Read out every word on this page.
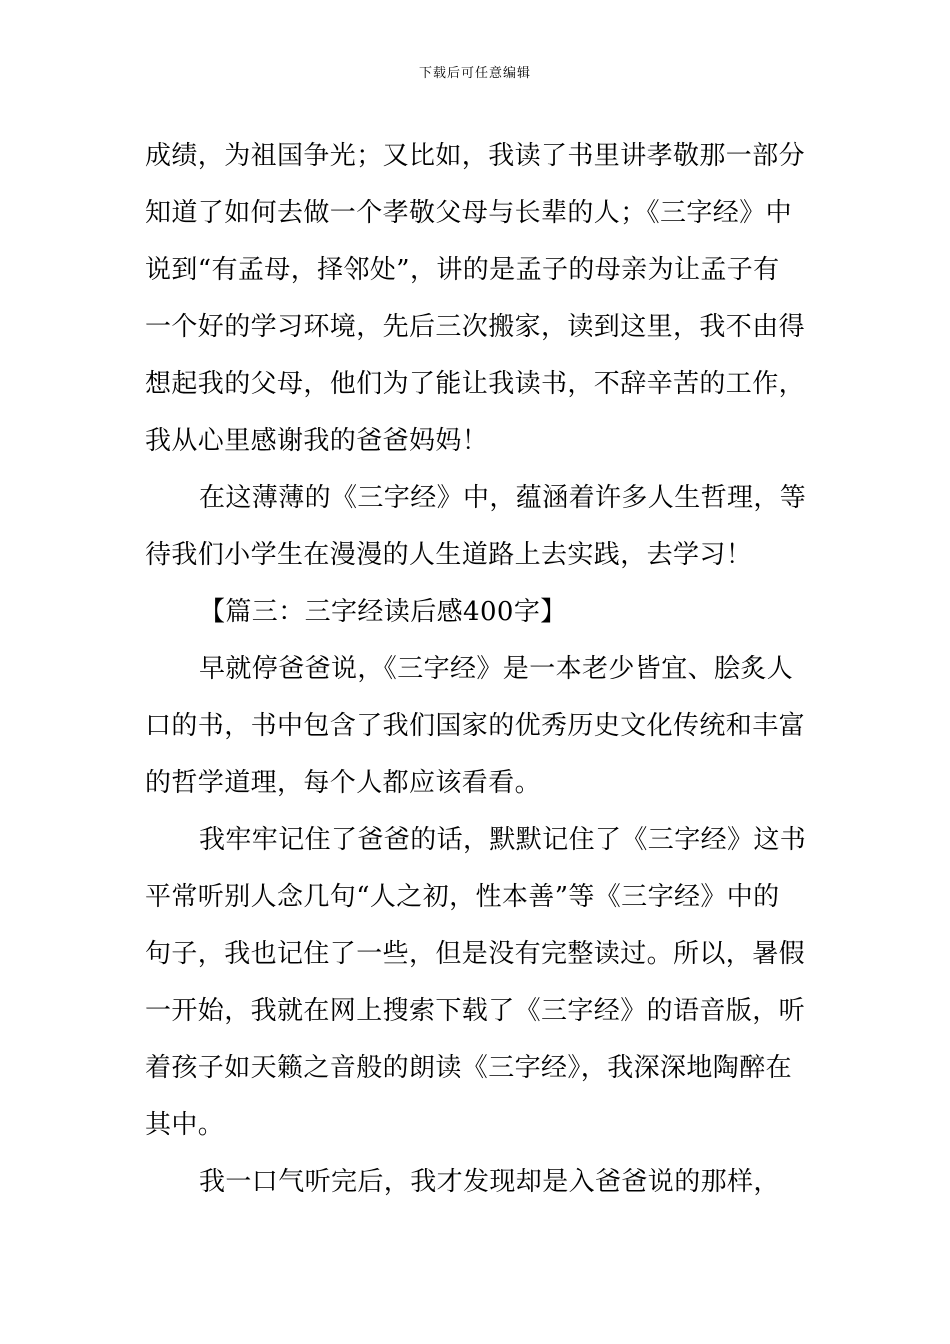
下载后可任意编辑
成绩，为祖国争光；又比如，我读了书里讲孝敬那一部分
知道了如何去做一个孝敬父母与长辈的人；《三字经》中
说到“有孟母，择邻处”，讲的是孟子的母亲为让孟子有
一个好的学习环境，先后三次搬家，读到这里，我不由得
想起我的父母，他们为了能让我读书，不辞辛苦的工作，
我从心里感谢我的爸爸妈妈！
在这薄薄的《三字经》中，蕴涵着许多人生哲理，等
待我们小学生在漫漫的人生道路上去实践，去学习！
【篇三：三字经读后感400字】
早就停爸爸说，《三字经》是一本老少皆宜、脍炙人
口的书，书中包含了我们国家的优秀历史文化传统和丰富
的哲学道理，每个人都应该看看。
我牢牢记住了爸爸的话，默默记住了《三字经》这书
平常听别人念几句“人之初，性本善”等《三字经》中的
句子，我也记住了一些，但是没有完整读过。所以，暑假
一开始，我就在网上搜索下载了《三字经》的语音版，听
着孩子如天籁之音般的朗读《三字经》，我深深地陶醉在
其中。
我一口气听完后，我才发现却是入爸爸说的那样，
